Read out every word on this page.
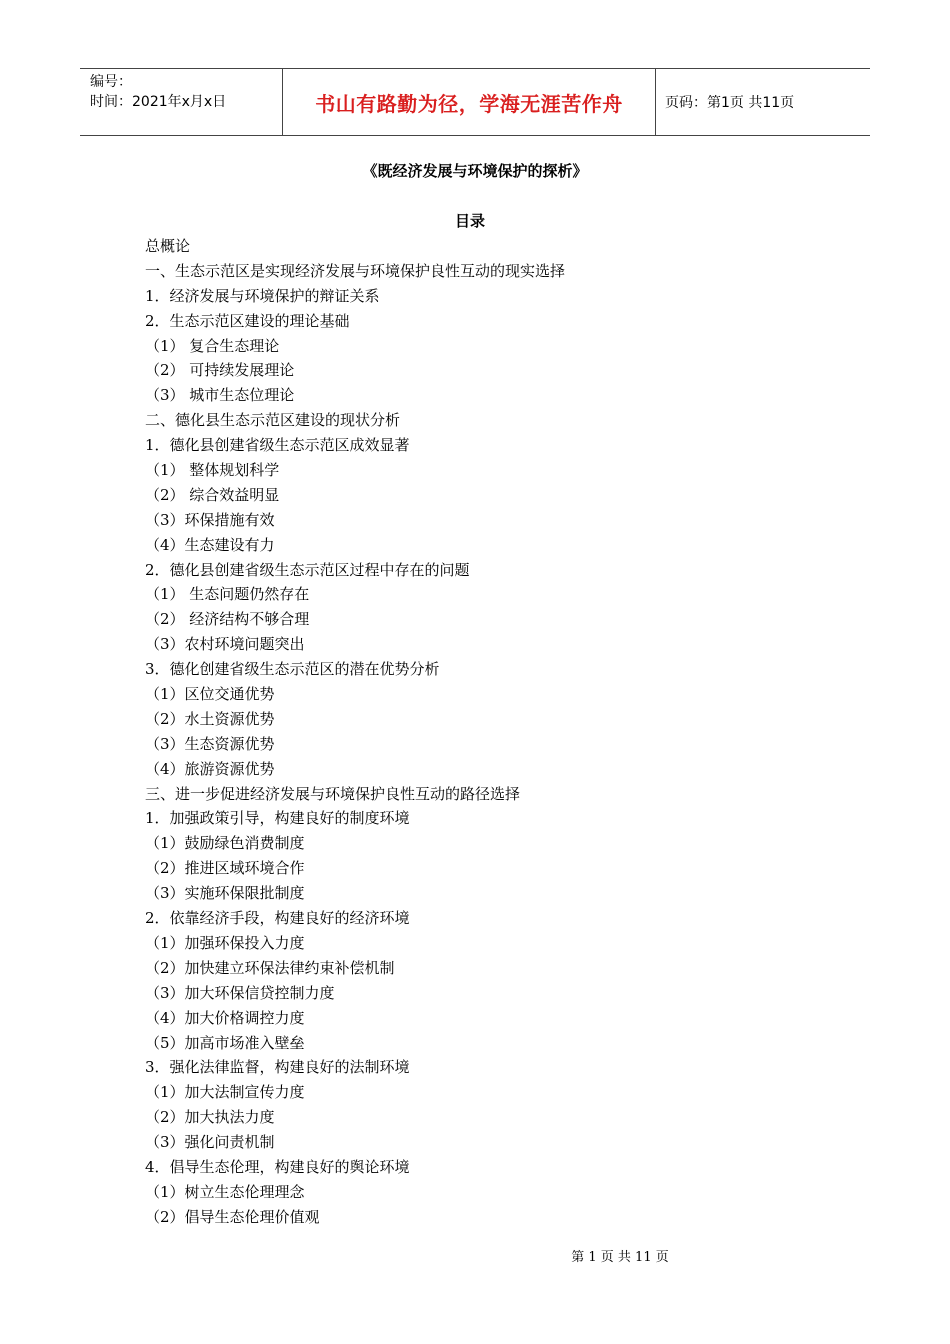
编号：
时间：2021年x月x日	书山有路勤为径，学海无涯苦作舟	页码：第1页 共11页
《既经济发展与环境保护的探析》
目录
总概论
一、生态示范区是实现经济发展与环境保护良性互动的现实选择
1．经济发展与环境保护的辩证关系
2．生态示范区建设的理论基础
（1） 复合生态理论
（2） 可持续发展理论
（3） 城市生态位理论
二、德化县生态示范区建设的现状分析
1．德化县创建省级生态示范区成效显著
（1） 整体规划科学
（2） 综合效益明显
（3）环保措施有效
（4）生态建设有力
2．德化县创建省级生态示范区过程中存在的问题
（1） 生态问题仍然存在
（2） 经济结构不够合理
（3）农村环境问题突出
3．德化创建省级生态示范区的潜在优势分析
（1）区位交通优势
（2）水土资源优势
（3）生态资源优势
（4）旅游资源优势
三、进一步促进经济发展与环境保护良性互动的路径选择
1．加强政策引导，构建良好的制度环境
（1）鼓励绿色消费制度
（2）推进区域环境合作
（3）实施环保限批制度
2．依靠经济手段，构建良好的经济环境
（1）加强环保投入力度
（2）加快建立环保法律约束补偿机制
（3）加大环保信贷控制力度
（4）加大价格调控力度
（5）加高市场准入壁垒
3．强化法律监督，构建良好的法制环境
（1）加大法制宣传力度
（2）加大执法力度
（3）强化问责机制
4．倡导生态伦理，构建良好的舆论环境
（1）树立生态伦理理念
（2）倡导生态伦理价值观
第 1 页 共 11 页
